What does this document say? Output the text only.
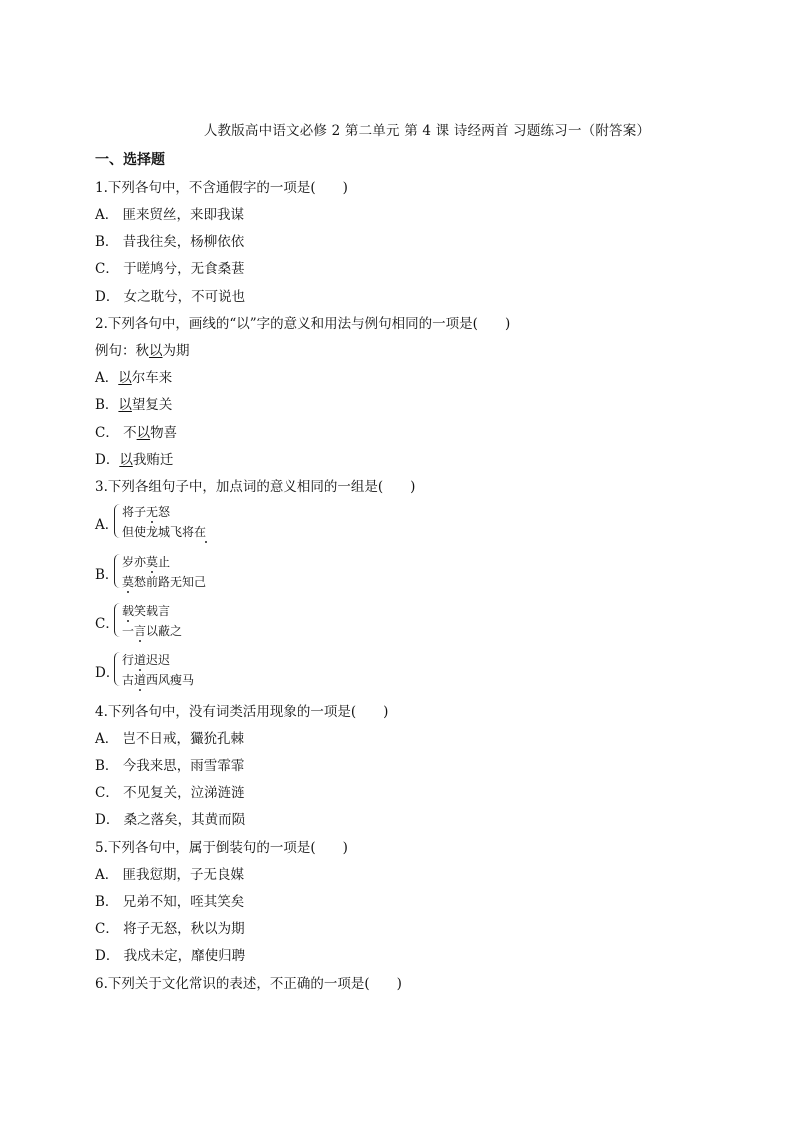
人教版高中语文必修 2 第二单元 第 4 课 诗经两首 习题练习一（附答案）
一、选择题
1.下列各句中，不含通假字的一项是(　　)
A． 匪来贸丝，来即我谋
B． 昔我往矣，杨柳依依
C． 于嗟鸠兮，无食桑葚
D． 女之耽兮，不可说也
2.下列各句中，画线的“以”字的意义和用法与例句相同的一项是(　　)
例句：秋以为期
A．以尔车来
B．以望复关
C． 不以物喜
D．以我贿迁
3.下列各组句子中，加点词的意义相同的一组是(　　)
A．
将子无怒
但使龙城飞将在
B．
岁亦莫止
莫愁前路无知己
C．
载笑载言
一言以蔽之
D．
行道迟迟
古道西风瘦马
4.下列各句中，没有词类活用现象的一项是(　　)
A． 岂不日戒，玁狁孔棘
B． 今我来思，雨雪霏霏
C． 不见复关，泣涕涟涟
D． 桑之落矣，其黄而陨
5.下列各句中，属于倒装句的一项是(　　)
A． 匪我愆期，子无良媒
B． 兄弟不知，咥其笑矣
C． 将子无怒，秋以为期
D． 我戍未定，靡使归聘
6.下列关于文化常识的表述，不正确的一项是(　　)
